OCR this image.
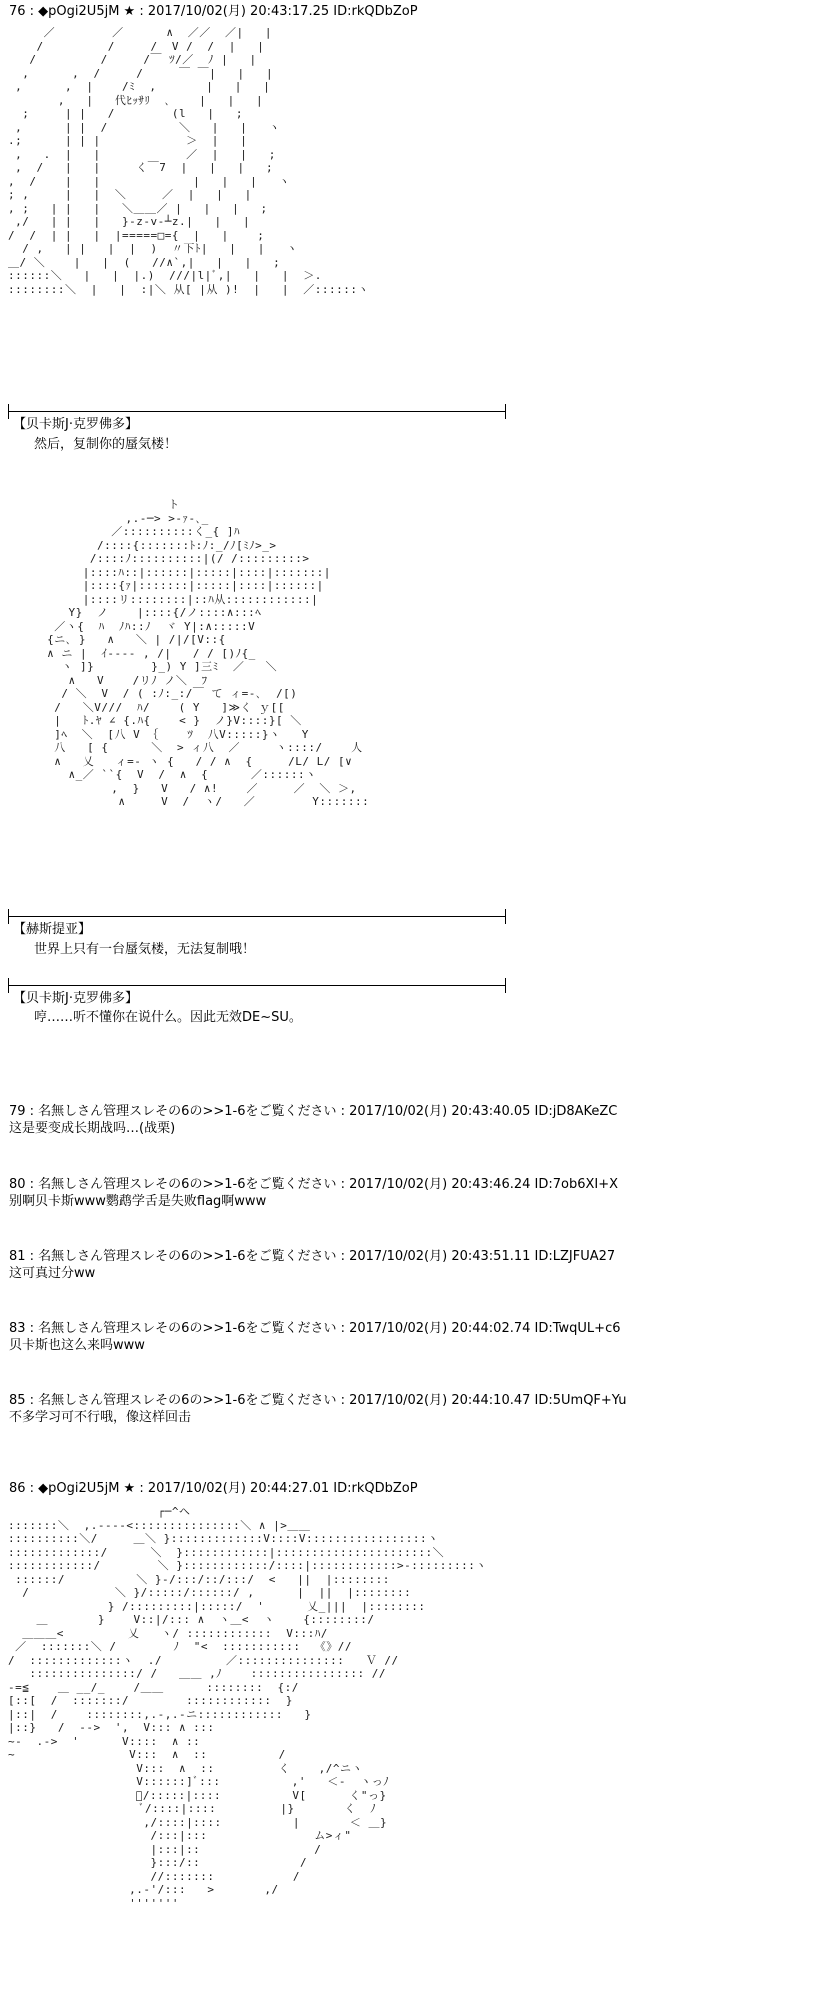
76 : ◆pOgi2U5jM ★ : 2017/10/02(月) 20:43:17.25 ID:rkQDbZoP
／        ／      ∧  ／／  ／|   |
/         /     /  V /  /  |   |
/         /     /￣ ﾂ/／  ﾉ |   |
,      ,  /     /     ￣ ￣|   |   |
,      ,  |    /ﾐ  ,       |   |   |
,   |   代ﾋｯｻﾘ  ､    |   |   |
;     | |   /        (l   |   ;
,      | |  /          ＼   |   |   ヽ
.;      | | |            ＞  |   |
,   .  |   |            ／  |   |   ;
,  /   |   |     く￣7  |   |   |   ;
,  /    |   |             |   |   |   ヽ
; ,     |   |  ＼     ／  |   |   |
, ;   | |   |   ＼＿＿／ |   |   |   ;
,/   | |   |   }‐z-v‐┴z.|   |   |
/  /  | |   |  |=====□={  |   |    ;
/ ,   | |   |  |  )  〃下ﾄ|   |   |   ヽ
＿/ ＼    |   |  (   //∧`,|   |   |   ;
::::::＼   |   |  |.)  ///|l|ﾞ,|   |   |  ＞.
::::::::＼  |   |  :|＼ 从[ |从 )!  |   |  ／::::::ヽ
【贝卡斯J·克罗佛多】
然后，复制你的蜃気楼！
ト
,.-─> >-ｧ-､_
／::::::::::く_{ ]ﾊ
/::::{:::::::ﾄ:ﾉ:_/ﾉ[ﾐﾉ>_>
/::::ﾉ::::::::::|(/ /:::::::::>
|::::ﾊ::|::::::|:::::|::::|:::::::|
|::::{ｧ|:::::::|:::::|::::|::::::|
|::::リ::::::::|::ﾊ从::::::::::::|
Y}  ノ    |::::{/ノ::::∧:::ﾍ
／ヽ{  ﾊ  ﾉﾊ::ﾉ  ヾ Y|:∧:::::V
{ニ､ }   ∧   ＼ | /|/[V::{
∧ ニ |  ｲ‐‐‐‐ , /|   / / [)ﾉ{_
ヽ ]}        }_) Y ]三ﾐ  ／   ＼
∧   V    /リﾉ ノ＼  ﾌ
/ ＼  V  / ( :ﾉ:_:/￣ て ィ=-､  /[)
/   ＼V///  ﾊ/    ( Y   ]≫く ｙ[[
|   ﾄ.ﾔ ∠ {.ﾊ{    < }  ノ}V::::}[ ＼
]ﾍ  ＼  [八 V ｛    ﾂ  八V:::::}ヽ   Y
八   [ {      ＼  > ィ八  ／     ヽ::::/    人
∧   乂   ィ=- ヽ {   / / ∧  {     /L/ L/ [∨
∧_／ ``{  V  /  ∧  {      ／::::::ヽ
,  }   V   / ∧!    ／     ／  ＼ ＞,
∧     V  /  ヽ/   ／        Y:::::::
【赫斯提亚】
世界上只有一台蜃気楼，无法复制哦！
【贝卡斯J·克罗佛多】
哼……听不懂你在说什么。因此无效DE~SU。
79 : 名無しさん管理スレその6の>>1-6をご覧ください : 2017/10/02(月) 20:43:40.05 ID:jD8AKeZC
这是要变成长期战吗…(战栗)
80 : 名無しさん管理スレその6の>>1-6をご覧ください : 2017/10/02(月) 20:43:46.24 ID:7ob6XI+X
别啊贝卡斯www鹦鹉学舌是失败flag啊www
81 : 名無しさん管理スレその6の>>1-6をご覧ください : 2017/10/02(月) 20:43:51.11 ID:LZJFUA27
这可真过分ww
83 : 名無しさん管理スレその6の>>1-6をご覧ください : 2017/10/02(月) 20:44:02.74 ID:TwqUL+c6
贝卡斯也这么来吗www
85 : 名無しさん管理スレその6の>>1-6をご覧ください : 2017/10/02(月) 20:44:10.47 ID:5UmQF+Yu
不多学习可不行哦，像这样回击
86 : ◆pOgi2U5jM ★ : 2017/10/02(月) 20:44:27.01 ID:rkQDbZoP
┌─^ヘ
:::::::＼  ,.-‐‐‐<:::::::::::::::＼ ∧ |>＿＿
::::::::::＼/     ＿＼ }:::::::::::::V::::V:::::::::::::::::ヽ
:::::::::::::/      ＼  }::::::::::::|::::::::::::::::::::::＼
::::::::::::/        ＼ }::::::::::::/::::|::::::::::::>-:::::::::ヽ
::::::/          ＼ }‐/:::/::/:::/  <   ||  |::::::::
/            ＼ }/:::::/::::::/ ,      |  ||  |::::::::
} /:::::::::|:::::/  '      乂_|||  |::::::::
＿       }    V::|/::: ∧  ヽ＿<  ヽ    {::::::::/
＿＿＿<         乂   ヽ/ ::::::::::::  V:::ﾊ/
／  :::::::＼ /        ﾉ  "<  :::::::::::  《》//
/  :::::::::::::ヽ  ./         ／:::::::::::::::   Ｖ //
:::::::::::::::/ /   ＿＿ ,ﾉ    :::::::::::::::: //
-=≦    ＿ __/_    /＿＿      ::::::::  {:/
[::[  /  :::::::/        ::::::::::::  }
|::|  /    ::::::::,.-,.-ニ::::::::::::   }
|::}   /  -->  ',  V::: ∧ :::
~-  .->  '      V::::  ∧ ::
~                V:::  ∧  ::          /
V:::  ∧  ::         く    ,/^ニヽ
V::::::]ﾞ:::          ,'   ＜-  ヽっﾉ
ﾞ/:::::|::::          V[      く"っ}
ﾞ/::::|::::         |}       く  ﾉ
,/::::|::::          |       ＜ ＿}
/:::|:::               ム>ィ"
|:::|::                /
}:::/::              /
//:::::::           /
,.-'/:::   >       ,/
'''''''
